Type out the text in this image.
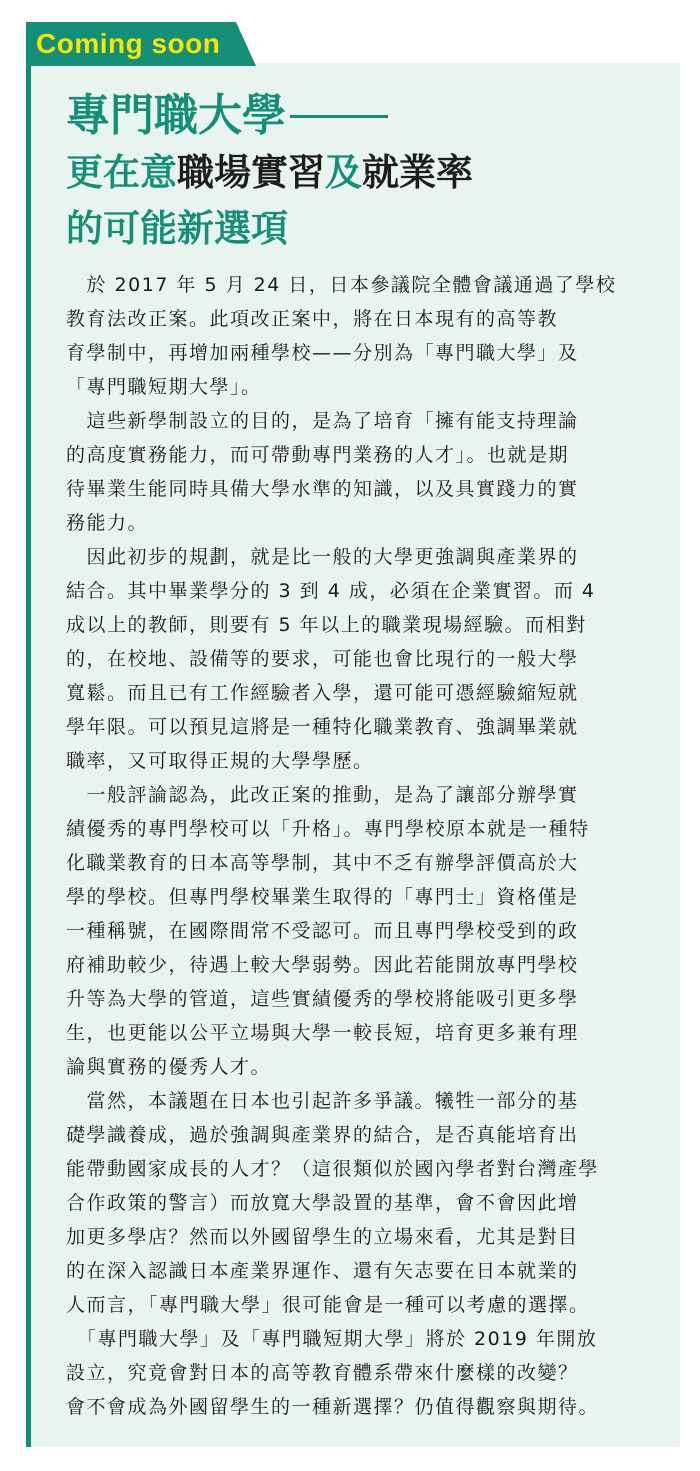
Coming soon
專門職大學
更在意職場實習及就業率
的可能新選項

　於 2017 年 5 月 24 日，日本參議院全體會議通過了學校
教育法改正案。此項改正案中，將在日本現有的高等教
育學制中，再增加兩種學校——分別為「專門職大學」及
「專門職短期大學」。

　這些新學制設立的目的，是為了培育「擁有能支持理論
的高度實務能力，而可帶動專門業務的人才」。也就是期
待畢業生能同時具備大學水準的知識，以及具實踐力的實
務能力。

　因此初步的規劃，就是比一般的大學更強調與產業界的
結合。其中畢業學分的 3 到 4 成，必須在企業實習。而 4
成以上的教師，則要有 5 年以上的職業現場經驗。而相對
的，在校地、設備等的要求，可能也會比現行的一般大學
寬鬆。而且已有工作經驗者入學，還可能可憑經驗縮短就
學年限。可以預見這將是一種特化職業教育、強調畢業就
職率，又可取得正規的大學學歷。

　一般評論認為，此改正案的推動，是為了讓部分辦學實
績優秀的專門學校可以「升格」。專門學校原本就是一種特
化職業教育的日本高等學制，其中不乏有辦學評價高於大
學的學校。但專門學校畢業生取得的「專門士」資格僅是
一種稱號，在國際間常不受認可。而且專門學校受到的政
府補助較少，待遇上較大學弱勢。因此若能開放專門學校
升等為大學的管道，這些實績優秀的學校將能吸引更多學
生，也更能以公平立場與大學一較長短，培育更多兼有理
論與實務的優秀人才。

　當然，本議題在日本也引起許多爭議。犧牲一部分的基
礎學識養成，過於強調與產業界的結合，是否真能培育出
能帶動國家成長的人才？（這很類似於國內學者對台灣產學
合作政策的警言）而放寬大學設置的基準，會不會因此增
加更多學店？然而以外國留學生的立場來看，尤其是對目
的在深入認識日本產業界運作、還有矢志要在日本就業的
人而言，「專門職大學」很可能會是一種可以考慮的選擇。

　「專門職大學」及「專門職短期大學」將於 2019 年開放
設立，究竟會對日本的高等教育體系帶來什麼樣的改變？
會不會成為外國留學生的一種新選擇？仍值得觀察與期待。
